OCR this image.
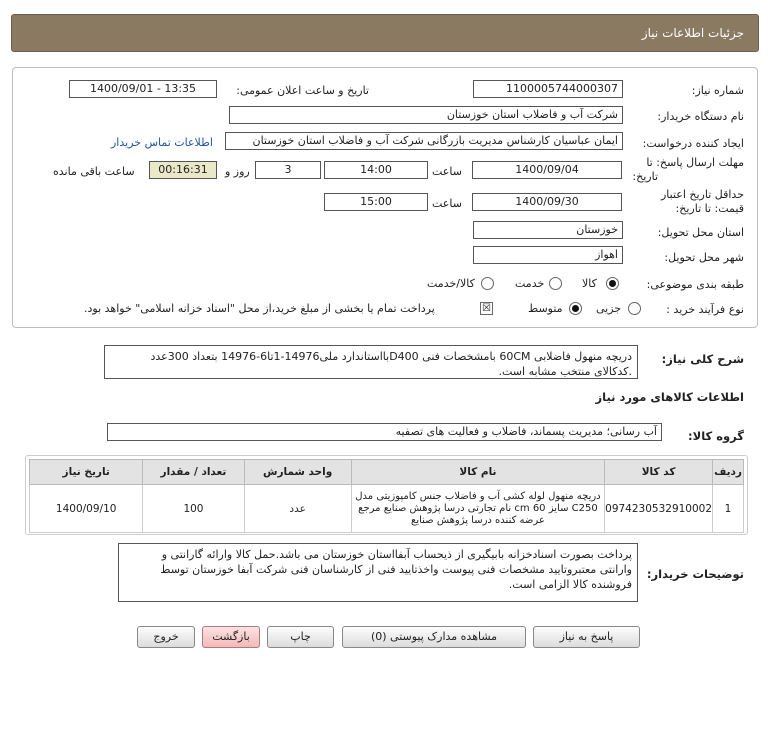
جزئیات اطلاعات نیاز
شماره نیاز:
1100005744000307
تاریخ و ساعت اعلان عمومی:
1400/09/01 - 13:35
نام دستگاه خریدار:
شرکت آب و فاضلاب استان خوزستان
ایجاد کننده درخواست:
ایمان عباسیان کارشناس مدیریت بازرگانی شرکت آب و فاضلاب استان خوزستان
اطلاعات تماس خریدار
مهلت ارسال پاسخ: تا
تاریخ:
1400/09/04
ساعت
14:00
3
روز و
00:16:31
ساعت باقی مانده
حداقل تاریخ اعتبار
قیمت: تا تاریخ:
1400/09/30
ساعت
15:00
استان محل تحویل:
خوزستان
شهر محل تحویل:
اهواز
طبقه بندی موضوعی:
کالا
خدمت
کالا/خدمت
نوع فرآیند خرید :
جزیی
متوسط
☒
پرداخت تمام یا بخشی از مبلغ خرید،از محل "اسناد خزانه اسلامی" خواهد بود.
شرح کلی نیاز:
دریچه منهول فاضلابی 60CM بامشخصات فنی D400بااستاندارد ملی14976-1تا6-14976 بتعداد 300عدد
.کدکالای منتخب مشابه است.
اطلاعات کالاهای مورد نیاز
گروه کالا:
آب رسانی؛ مدیریت پسماند، فاضلاب و فعالیت های تصفیه
ردیف	کد کالا	نام کالا	واحد شمارش	تعداد / مقدار	تاریخ نیاز
1	0974230532910002	دریچه منهول لوله کشی آب و فاضلاب جنس کامپوزیتی مدل
C250 سایز 60 cm نام تجارتی درسا پژوهش صنایع مرجع
عرضه کننده درسا پژوهش صنایع	عدد	100	1400/09/10
توضیحات خریدار:
پرداخت بصورت اسنادخزانه بابیگیری از ذیحساب آبفااستان خوزستان می باشد.حمل کالا وارائه گارانتی و
وارانتی معتبروتایید مشخصات فنی پیوست واخذتایید فنی از کارشناسان فنی شرکت آبفا خوزستان توسط
فروشنده کالا الزامی است.
پاسخ به نیاز
مشاهده مدارک پیوستی (0)
چاپ
بازگشت
خروج
